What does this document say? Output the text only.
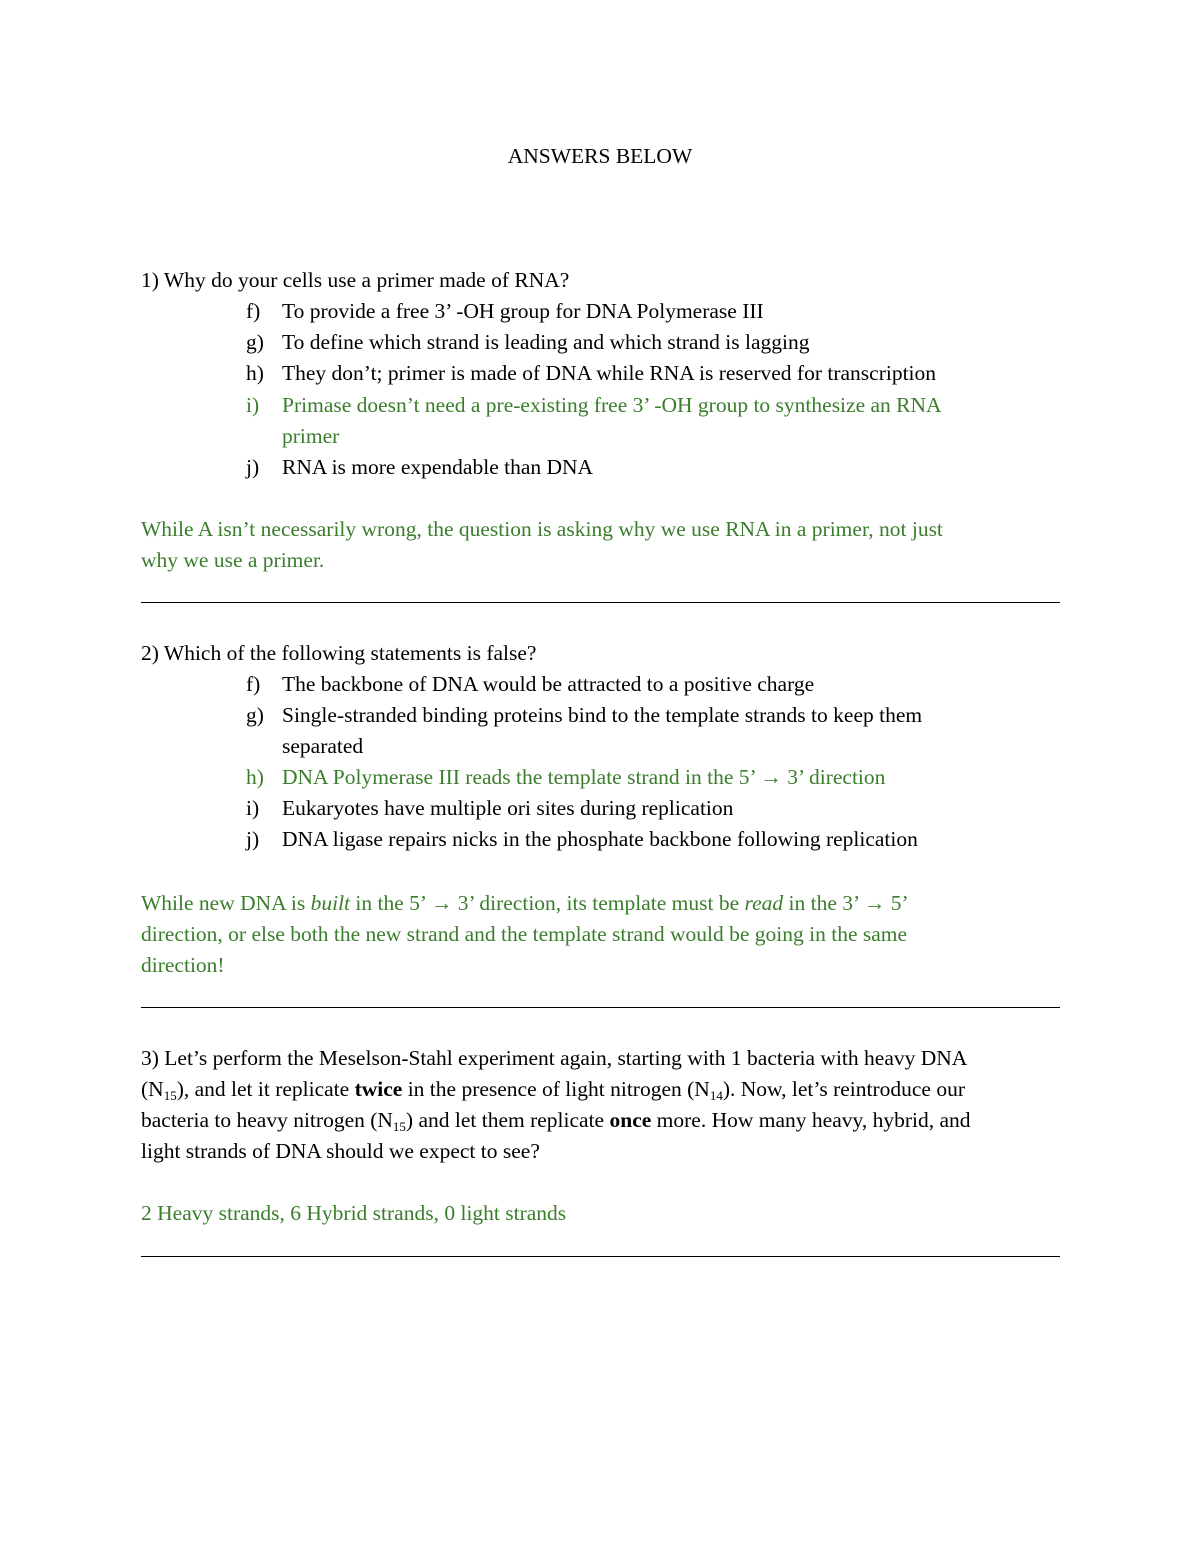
ANSWERS BELOW
1) Why do your cells use a primer made of RNA?
f) To provide a free 3’ -OH group for DNA Polymerase III
g) To define which strand is leading and which strand is lagging
h) They don’t; primer is made of DNA while RNA is reserved for transcription
i) Primase doesn’t need a pre-existing free 3’ -OH group to synthesize an RNA
primer
j) RNA is more expendable than DNA
While A isn’t necessarily wrong, the question is asking why we use RNA in a primer, not just
why we use a primer.
2) Which of the following statements is false?
f) The backbone of DNA would be attracted to a positive charge
g) Single-stranded binding proteins bind to the template strands to keep them
separated
h) DNA Polymerase III reads the template strand in the 5’ → 3’ direction
i) Eukaryotes have multiple ori sites during replication
j) DNA ligase repairs nicks in the phosphate backbone following replication
While new DNA is built in the 5’ → 3’ direction, its template must be read in the 3’ → 5’
direction, or else both the new strand and the template strand would be going in the same
direction!
3) Let’s perform the Meselson-Stahl experiment again, starting with 1 bacteria with heavy DNA
$(N_{15})$, and let it replicate twice in the presence of light nitrogen $(N_{14})$. Now, let’s reintroduce our
bacteria to heavy nitrogen $(N_{15})$ and let them replicate once more. How many heavy, hybrid, and
light strands of DNA should we expect to see?
2 Heavy strands, 6 Hybrid strands, 0 light strands
